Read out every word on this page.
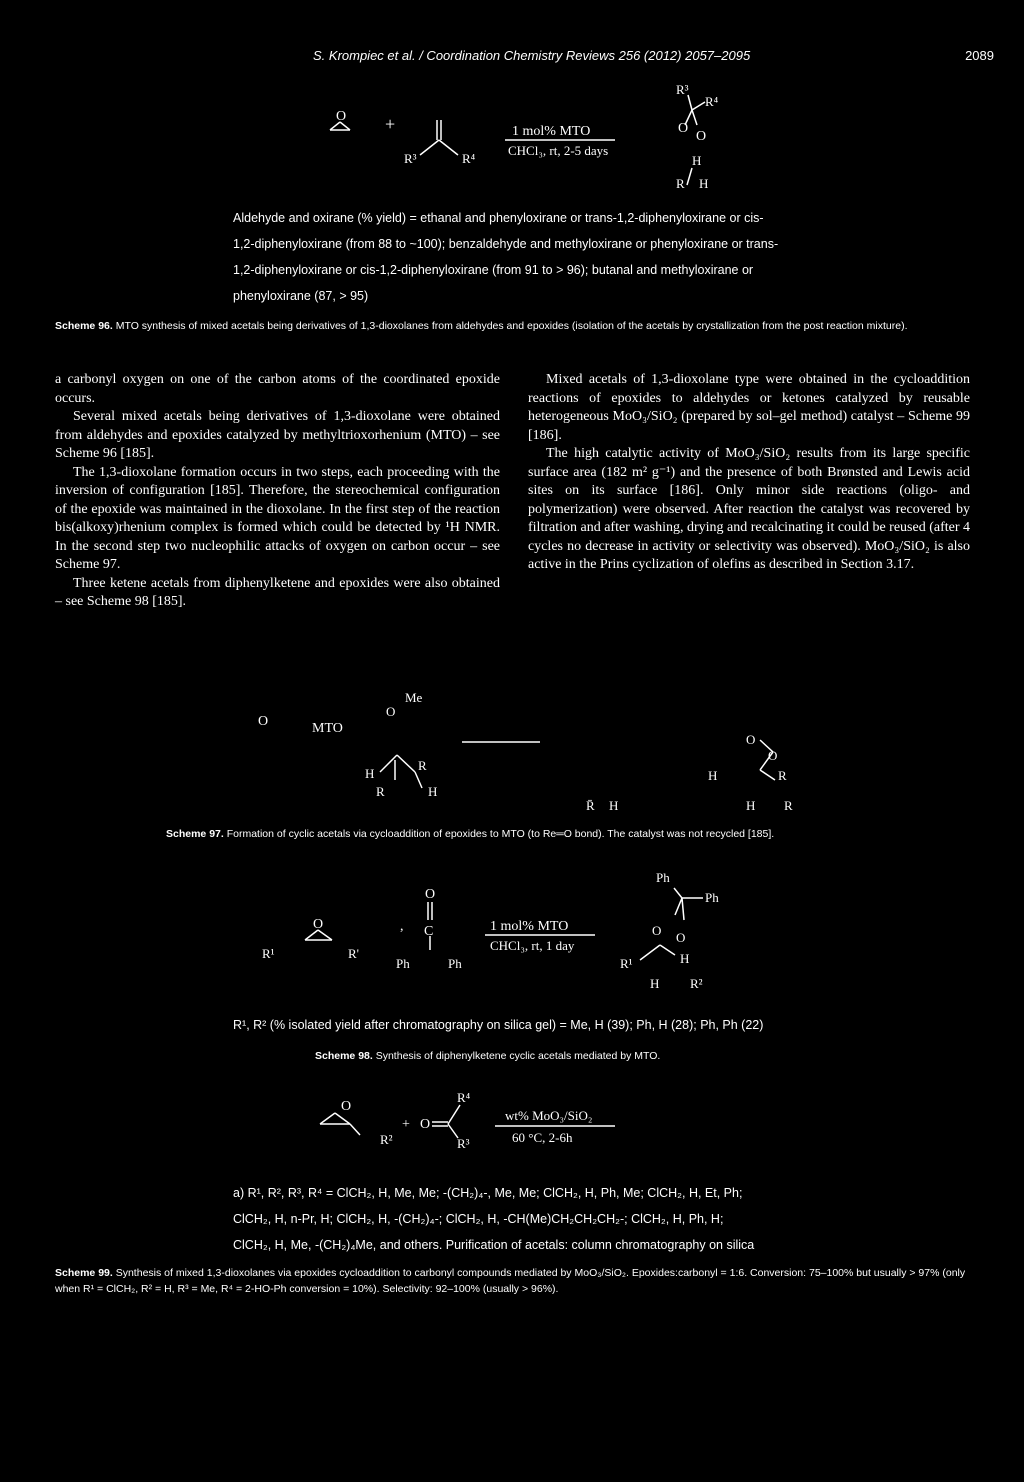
S. Krompiec et al. / Coordination Chemistry Reviews 256 (2012) 2057–2095	2089
O +
R³	R⁴
1 mol% MTO
CHCl₃, rt, 2-5 days
R³
R⁴
O
O
H
R H
Aldehyde and oxirane (% yield) = ethanal and phenyloxirane or trans-1,2-diphenyloxirane or cis-
1,2-diphenyloxirane (from 88 to ~100); benzaldehyde and methyloxirane or phenyloxirane or trans-
1,2-diphenyloxirane or cis-1,2-diphenyloxirane (from 91 to > 96); butanal and methyloxirane or
phenyloxirane (87, > 95)
Scheme 96. MTO synthesis of mixed acetals being derivatives of 1,3-dioxolanes from aldehydes and epoxides (isolation of the acetals by crystallization from the post reaction mixture).

a carbonyl oxygen on one of the carbon atoms of the coordinated epoxide occurs.

Several mixed acetals being derivatives of 1,3-dioxolane were obtained from aldehydes and epoxides catalyzed by methyltrioxorhenium (MTO) – see Scheme 96 [185].

The 1,3-dioxolane formation occurs in two steps, each proceeding with the inversion of configuration [185]. Therefore, the stereochemical configuration of the epoxide was maintained in the dioxolane. In the first step of the reaction bis(alkoxy)rhenium complex is formed which could be detected by ¹H NMR. In the second step two nucleophilic attacks of oxygen on carbon occur – see Scheme 97.

Three ketene acetals from diphenylketene and epoxides were also obtained – see Scheme 98 [185].

Mixed acetals of 1,3-dioxolane type were obtained in the cycloaddition reactions of epoxides to aldehydes or ketones catalyzed by reusable heterogeneous MoO₃/SiO₂ (prepared by sol–gel method) catalyst – Scheme 99 [186].

The high catalytic activity of MoO₃/SiO₂ results from its large specific surface area (182 m² g⁻¹) and the presence of both Brønsted and Lewis acid sites on its surface [186]. Only minor side reactions (oligo- and polymerization) were observed. After reaction the catalyst was recovered by filtration and after washing, drying and recalcinating it could be reused (after 4 cycles no decrease in activity or selectivity was observed). MoO₃/SiO₂ is also active in the Prins cyclization of olefins as described in Section 3.17.

O	MTO
Me
O
H
R
R	H
R̄ H
O
O
H	R
H R
Scheme 97. Formation of cyclic acetals via cycloaddition of epoxides to MTO (to Re═O bond). The catalyst was not recycled [185].
O
R¹	R'
,
O
C
Ph	Ph
1 mol% MTO
CHCl₃, rt, 1 day
Ph
Ph
O O
R¹	H
H R²
R¹, R² (% isolated yield after chromatography on silica gel) = Me, H (39); Ph, H (28); Ph, Ph (22)
Scheme 98. Synthesis of diphenylketene cyclic acetals mediated by MTO.
O
R²
+ O
R⁴
R³
wt% MoO₃/SiO₂
60 °C, 2-6h
a) R¹, R², R³, R⁴ = ClCH₂, H, Me, Me; -(CH₂)₄-, Me, Me; ClCH₂, H, Ph, Me; ClCH₂, H, Et, Ph;
ClCH₂, H, n-Pr, H; ClCH₂, H, -(CH₂)₄-; ClCH₂, H, -CH(Me)CH₂CH₂CH₂-; ClCH₂, H, Ph, H;
ClCH₂, H, Me, -(CH₂)₄Me, and others. Purification of acetals: column chromatography on silica
Scheme 99. Synthesis of mixed 1,3-dioxolanes via epoxides cycloaddition to carbonyl compounds mediated by MoO₃/SiO₂. Epoxides:carbonyl = 1:6. Conversion: 75–100% but usually > 97% (only when R¹ = ClCH₂, R² = H, R³ = Me, R⁴ = 2-HO-Ph conversion = 10%). Selectivity: 92–100% (usually > 96%).
